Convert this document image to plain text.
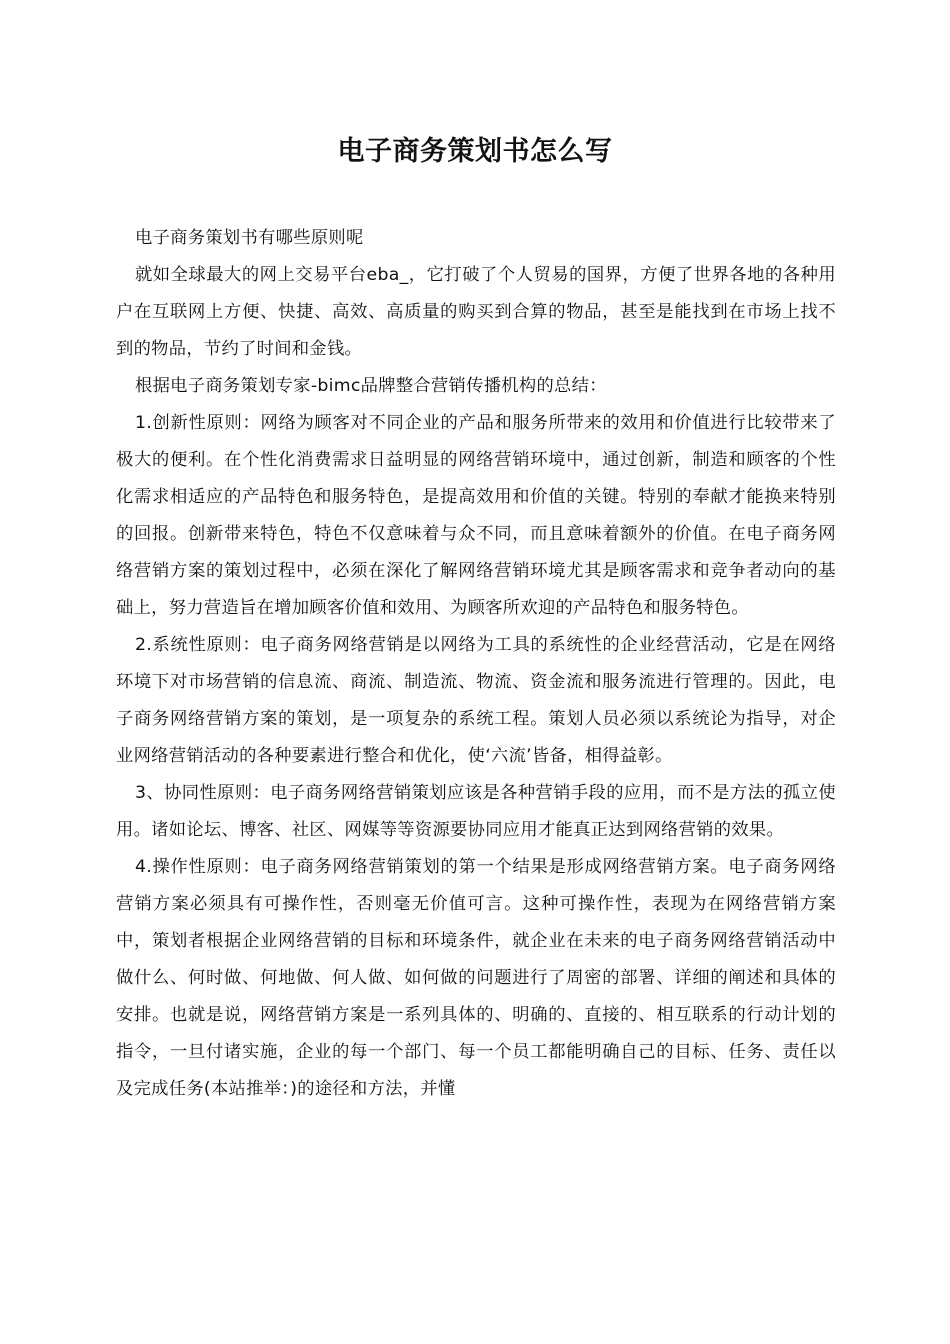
电子商务策划书怎么写

电子商务策划书有哪些原则呢

就如全球最大的网上交易平台eba_，它打破了个人贸易的国界，方便了世界各地的各种用户在互联网上方便、快捷、高效、高质量的购买到合算的物品，甚至是能找到在市场上找不到的物品，节约了时间和金钱。

根据电子商务策划专家-bimc品牌整合营销传播机构的总结：

1.创新性原则：网络为顾客对不同企业的产品和服务所带来的效用和价值进行比较带来了极大的便利。在个性化消费需求日益明显的网络营销环境中，通过创新，制造和顾客的个性化需求相适应的产品特色和服务特色，是提高效用和价值的关键。特别的奉献才能换来特别的回报。创新带来特色，特色不仅意味着与众不同，而且意味着额外的价值。在电子商务网络营销方案的策划过程中，必须在深化了解网络营销环境尤其是顾客需求和竞争者动向的基础上，努力营造旨在增加顾客价值和效用、为顾客所欢迎的产品特色和服务特色。

2.系统性原则：电子商务网络营销是以网络为工具的系统性的企业经营活动，它是在网络环境下对市场营销的信息流、商流、制造流、物流、资金流和服务流进行管理的。因此，电子商务网络营销方案的策划，是一项复杂的系统工程。策划人员必须以系统论为指导，对企业网络营销活动的各种要素进行整合和优化，使‘六流’皆备，相得益彰。

3、协同性原则：电子商务网络营销策划应该是各种营销手段的应用，而不是方法的孤立使用。诸如论坛、博客、社区、网媒等等资源要协同应用才能真正达到网络营销的效果。

4.操作性原则：电子商务网络营销策划的第一个结果是形成网络营销方案。电子商务网络营销方案必须具有可操作性，否则毫无价值可言。这种可操作性，表现为在网络营销方案中，策划者根据企业网络营销的目标和环境条件，就企业在未来的电子商务网络营销活动中做什么、何时做、何地做、何人做、如何做的问题进行了周密的部署、详细的阐述和具体的安排。也就是说，网络营销方案是一系列具体的、明确的、直接的、相互联系的行动计划的指令，一旦付诸实施，企业的每一个部门、每一个员工都能明确自己的目标、任务、责任以及完成任务(本站推举：)的途径和方法，并懂
